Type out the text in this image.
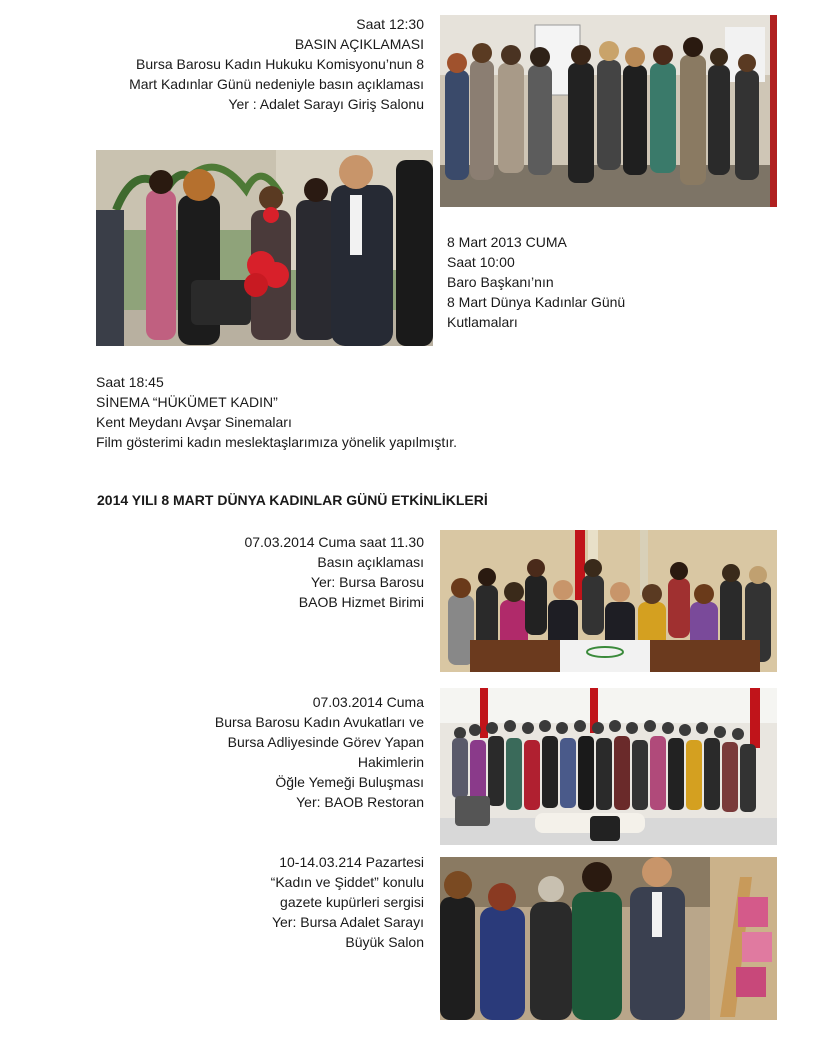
Saat 12:30
BASIN AÇIKLAMASI
Bursa Barosu Kadın Hukuku Komisyonu’nun 8
Mart Kadınlar Günü nedeniyle basın açıklaması
Yer : Adalet Sarayı Giriş Salonu
8 Mart 2013 CUMA
Saat 10:00
Baro Başkanı’nın
8 Mart Dünya Kadınlar Günü
Kutlamaları
Saat 18:45
SİNEMA “HÜKÜMET KADIN”
Kent Meydanı Avşar Sinemaları
Film gösterimi kadın meslektaşlarımıza yönelik yapılmıştır.
2014 YILI 8 MART DÜNYA KADINLAR GÜNÜ ETKİNLİKLERİ
07.03.2014 Cuma saat 11.30
Basın açıklaması
Yer: Bursa Barosu
BAOB Hizmet Birimi
07.03.2014 Cuma
Bursa Barosu Kadın Avukatları ve
Bursa Adliyesinde Görev Yapan
Hakimlerin
Öğle Yemeği Buluşması
Yer: BAOB Restoran
10-14.03.214 Pazartesi
“Kadın ve Şiddet” konulu
gazete kupürleri sergisi
Yer: Bursa Adalet Sarayı
Büyük Salon
